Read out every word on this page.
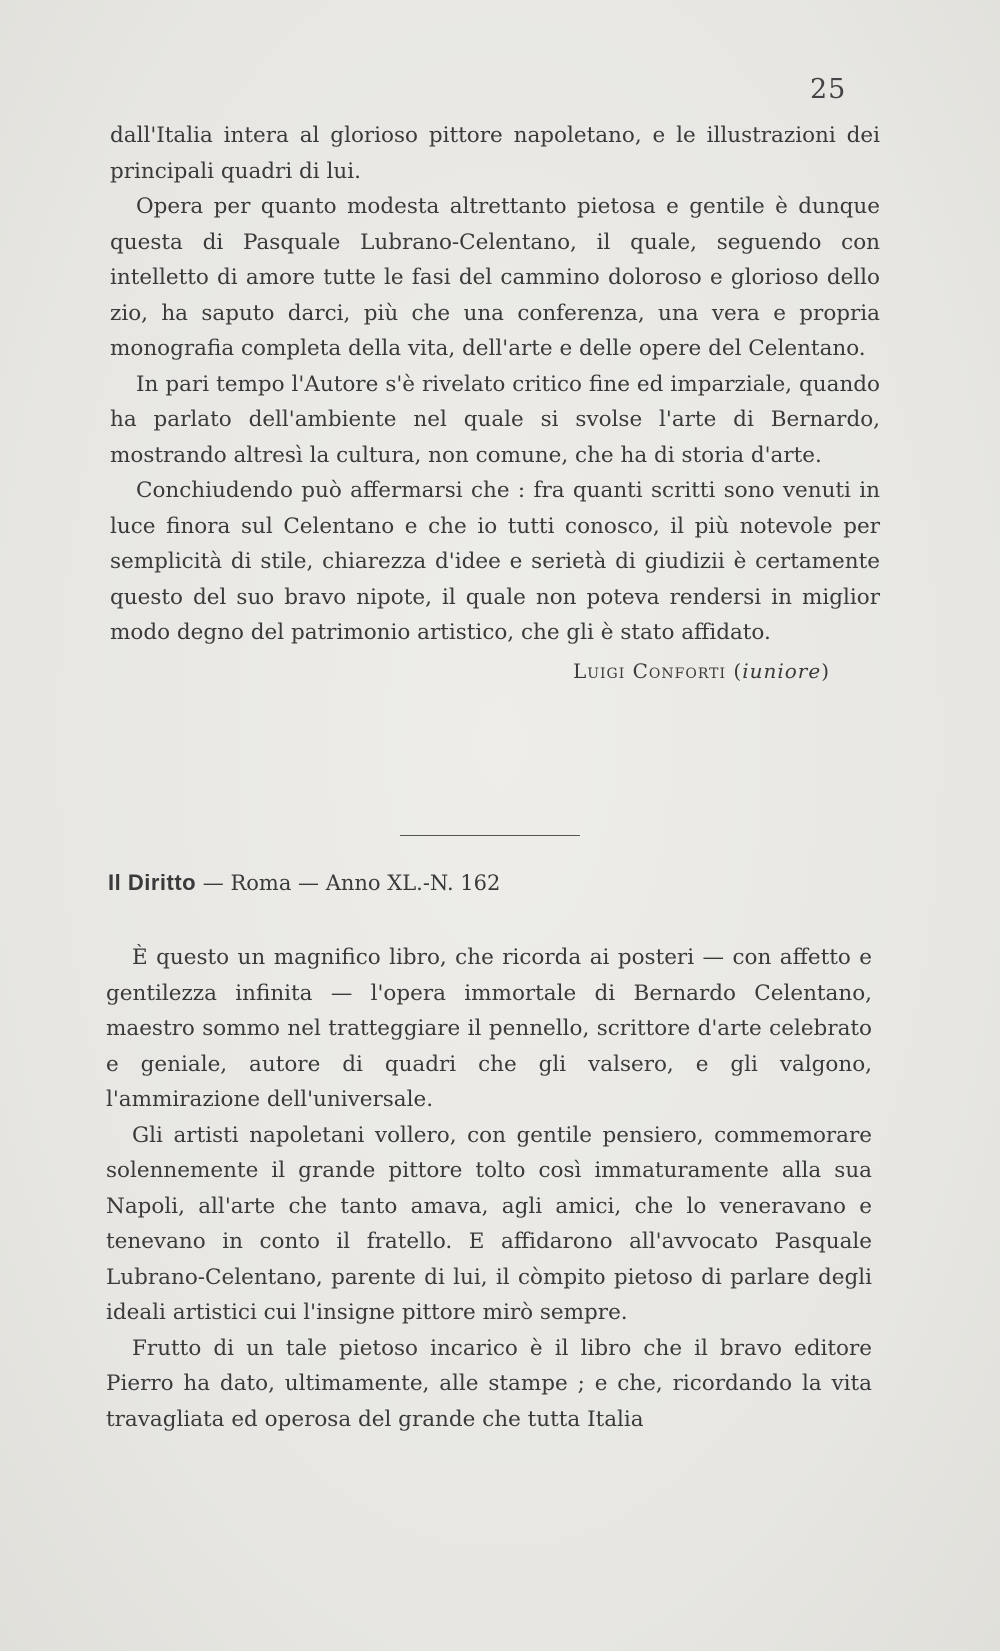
25

dall'Italia intera al glorioso pittore napoletano, e le illustrazioni dei principali quadri di lui.

Opera per quanto modesta altrettanto pietosa e gentile è dunque questa di Pasquale Lubrano-Celentano, il quale, seguendo con intelletto di amore tutte le fasi del cammino doloroso e glorioso dello zio, ha saputo darci, più che una conferenza, una vera e propria monografia completa della vita, dell'arte e delle opere del Celentano.

In pari tempo l'Autore s'è rivelato critico fine ed imparziale, quando ha parlato dell'ambiente nel quale si svolse l'arte di Bernardo, mostrando altresì la cultura, non comune, che ha di storia d'arte.

Conchiudendo può affermarsi che : fra quanti scritti sono venuti in luce finora sul Celentano e che io tutti conosco, il più notevole per semplicità di stile, chiarezza d'idee e serietà di giudizii è certamente questo del suo bravo nipote, il quale non poteva rendersi in miglior modo degno del patrimonio artistico, che gli è stato affidato.

Luigi Conforti (iuniore)
Il Diritto — Roma — Anno XL.-N. 162

È questo un magnifico libro, che ricorda ai posteri — con affetto e gentilezza infinita — l'opera immortale di Bernardo Celentano, maestro sommo nel tratteggiare il pennello, scrittore d'arte celebrato e geniale, autore di quadri che gli valsero, e gli valgono, l'ammirazione dell'universale.

Gli artisti napoletani vollero, con gentile pensiero, commemorare solennemente il grande pittore tolto così immaturamente alla sua Napoli, all'arte che tanto amava, agli amici, che lo veneravano e tenevano in conto il fratello. E affidarono all'avvocato Pasquale Lubrano-Celentano, parente di lui, il còmpito pietoso di parlare degli ideali artistici cui l'insigne pittore mirò sempre.

Frutto di un tale pietoso incarico è il libro che il bravo editore Pierro ha dato, ultimamente, alle stampe ; e che, ricordando la vita travagliata ed operosa del grande che tutta Italia
